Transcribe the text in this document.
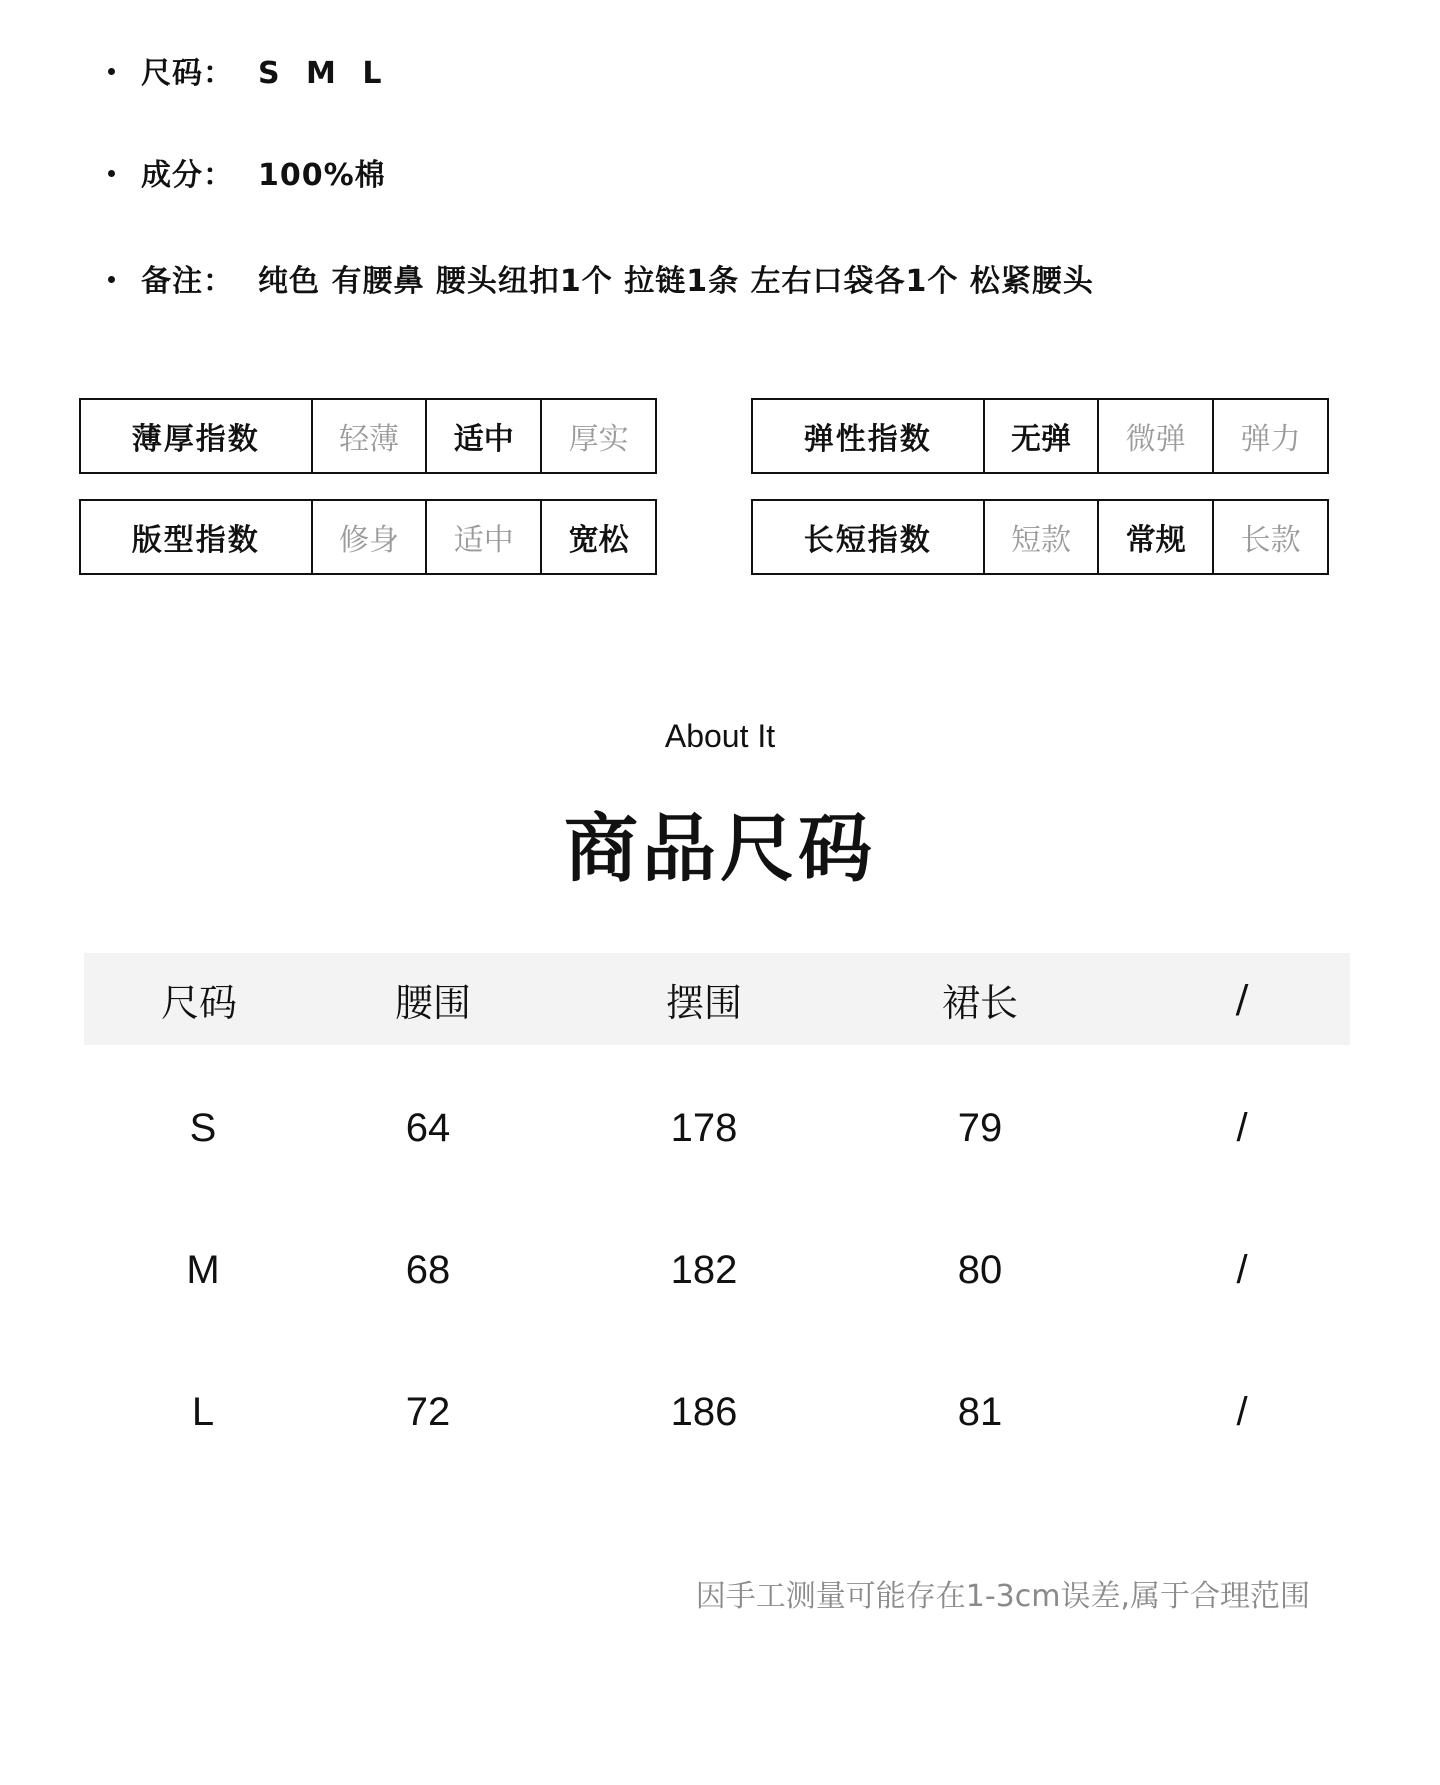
尺码： S M L
成分： 100%棉
备注： 纯色 有腰鼻 腰头纽扣1个 拉链1条 左右口袋各1个 松紧腰头
薄厚指数	轻薄	适中	厚实	弹性指数	无弹	微弹	弹力
版型指数	修身	适中	宽松	长短指数	短款	常规	长款
About It
商品尺码
尺码	腰围	摆围	裙长	/
S	64	178	79	/
M	68	182	80	/
L	72	186	81	/
因手工测量可能存在1-3cm误差,属于合理范围
